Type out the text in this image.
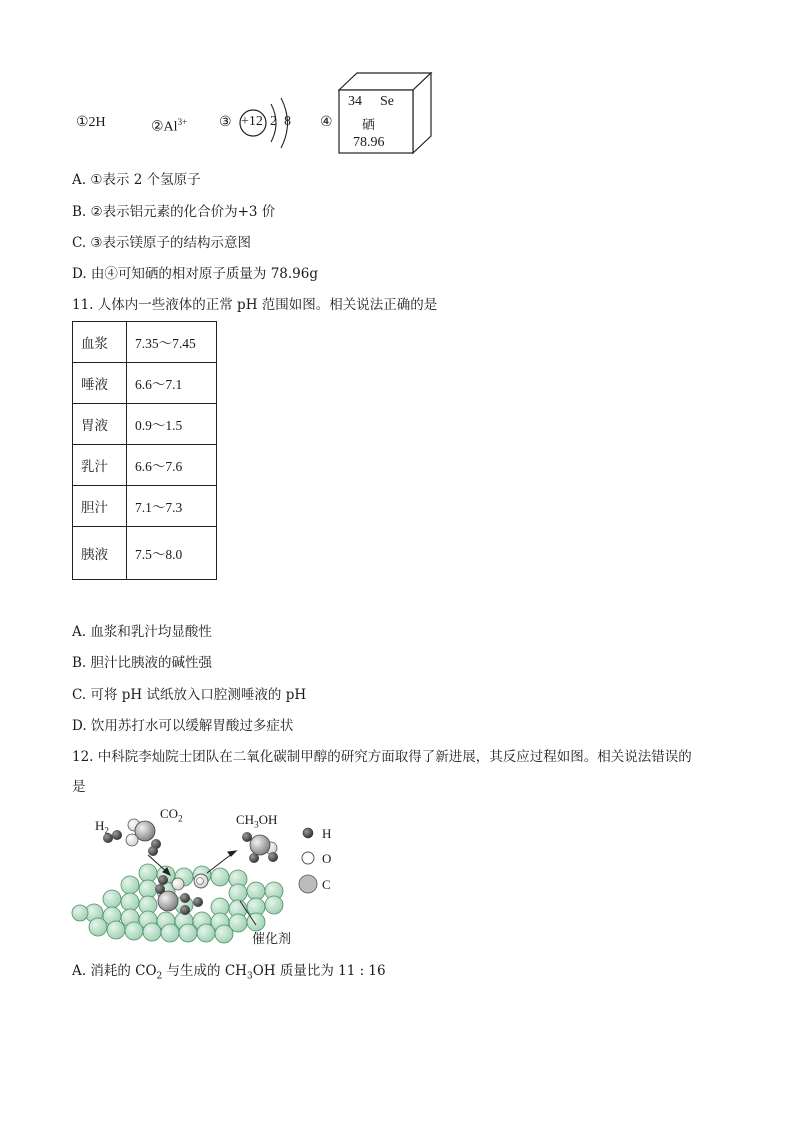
①2H	$②Al^{3+}$ ③ +12 2 8 ④
34 Se
硒
78.96
A. ①表示 2 个氢原子
B. ②表示铝元素的化合价为+3 价
C. ③表示镁原子的结构示意图
D. 由④可知硒的相对原子质量为 78.96g
11. 人体内一些液体的正常 pH 范围如图。相关说法正确的是
血浆	7.35～7.45
唾液	6.6～7.1
胃液	0.9～1.5
乳汁	6.6～7.6
胆汁	7.1～7.3
胰液	7.5～8.0
A. 血浆和乳汁均显酸性
B. 胆汁比胰液的碱性强
C. 可将 pH 试纸放入口腔测唾液的 pH
D. 饮用苏打水可以缓解胃酸过多症状
12. 中科院李灿院士团队在二氧化碳制甲醇的研究方面取得了新进展，其反应过程如图。相关说法错误的
是
$H_2$
$CO_2$	$CH_3OH$
催化剂
H
O
C
A. 消耗的 $CO_2$ 与生成的 $CH_3OH$ 质量比为 11 : 16
